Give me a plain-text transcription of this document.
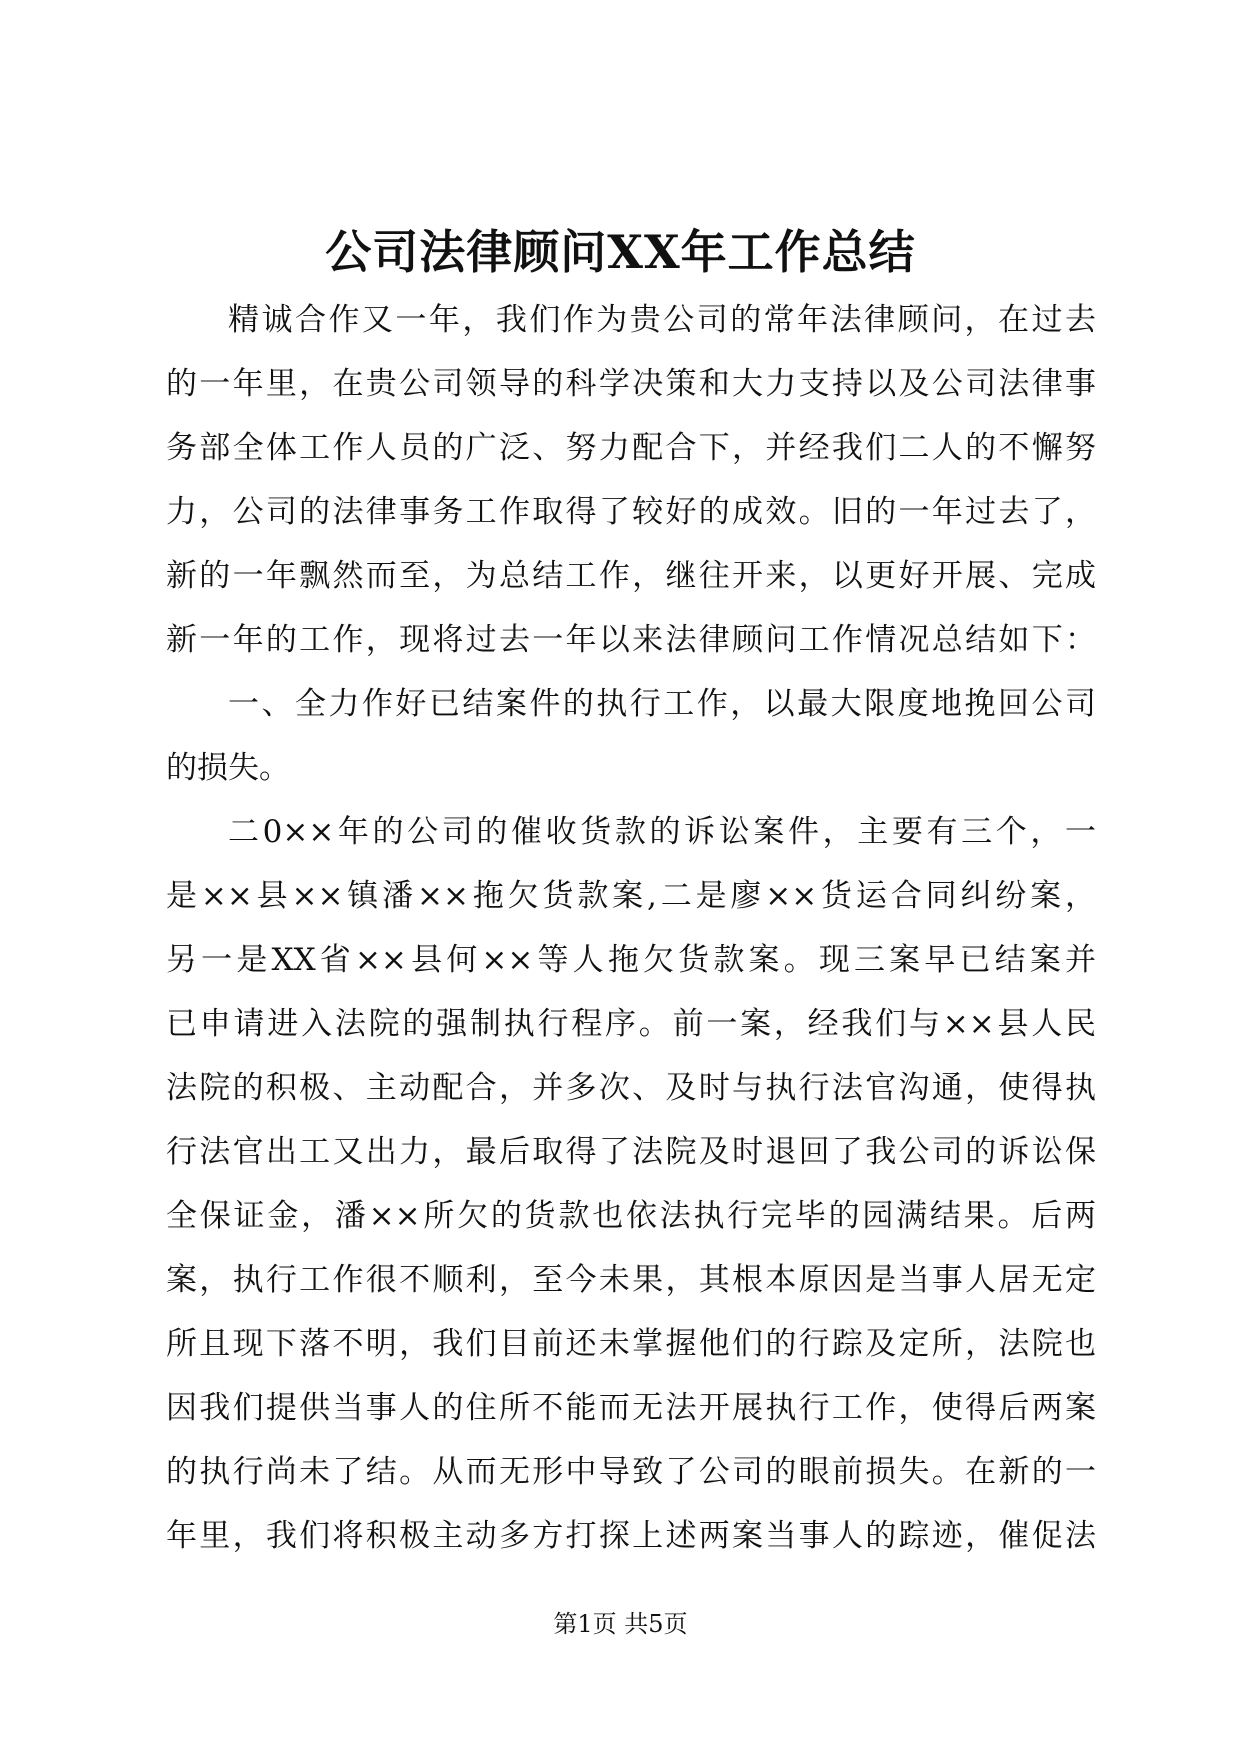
公司法律顾问XX年工作总结
精诚合作又一年，我们作为贵公司的常年法律顾问，在过去
的一年里，在贵公司领导的科学决策和大力支持以及公司法律事
务部全体工作人员的广泛、努力配合下，并经我们二人的不懈努
力，公司的法律事务工作取得了较好的成效。旧的一年过去了，
新的一年飘然而至，为总结工作，继往开来，以更好开展、完成
新一年的工作，现将过去一年以来法律顾问工作情况总结如下：
一、全力作好已结案件的执行工作，以最大限度地挽回公司
的损失。
二0××年的公司的催收货款的诉讼案件，主要有三个，一
是××县××镇潘××拖欠货款案,二是廖××货运合同纠纷案，
另一是XX省××县何××等人拖欠货款案。现三案早已结案并
已申请进入法院的强制执行程序。前一案，经我们与××县人民
法院的积极、主动配合，并多次、及时与执行法官沟通，使得执
行法官出工又出力，最后取得了法院及时退回了我公司的诉讼保
全保证金，潘××所欠的货款也依法执行完毕的园满结果。后两
案，执行工作很不顺利，至今未果，其根本原因是当事人居无定
所且现下落不明，我们目前还未掌握他们的行踪及定所，法院也
因我们提供当事人的住所不能而无法开展执行工作，使得后两案
的执行尚未了结。从而无形中导致了公司的眼前损失。在新的一
年里，我们将积极主动多方打探上述两案当事人的踪迹，催促法
第1页 共5页
